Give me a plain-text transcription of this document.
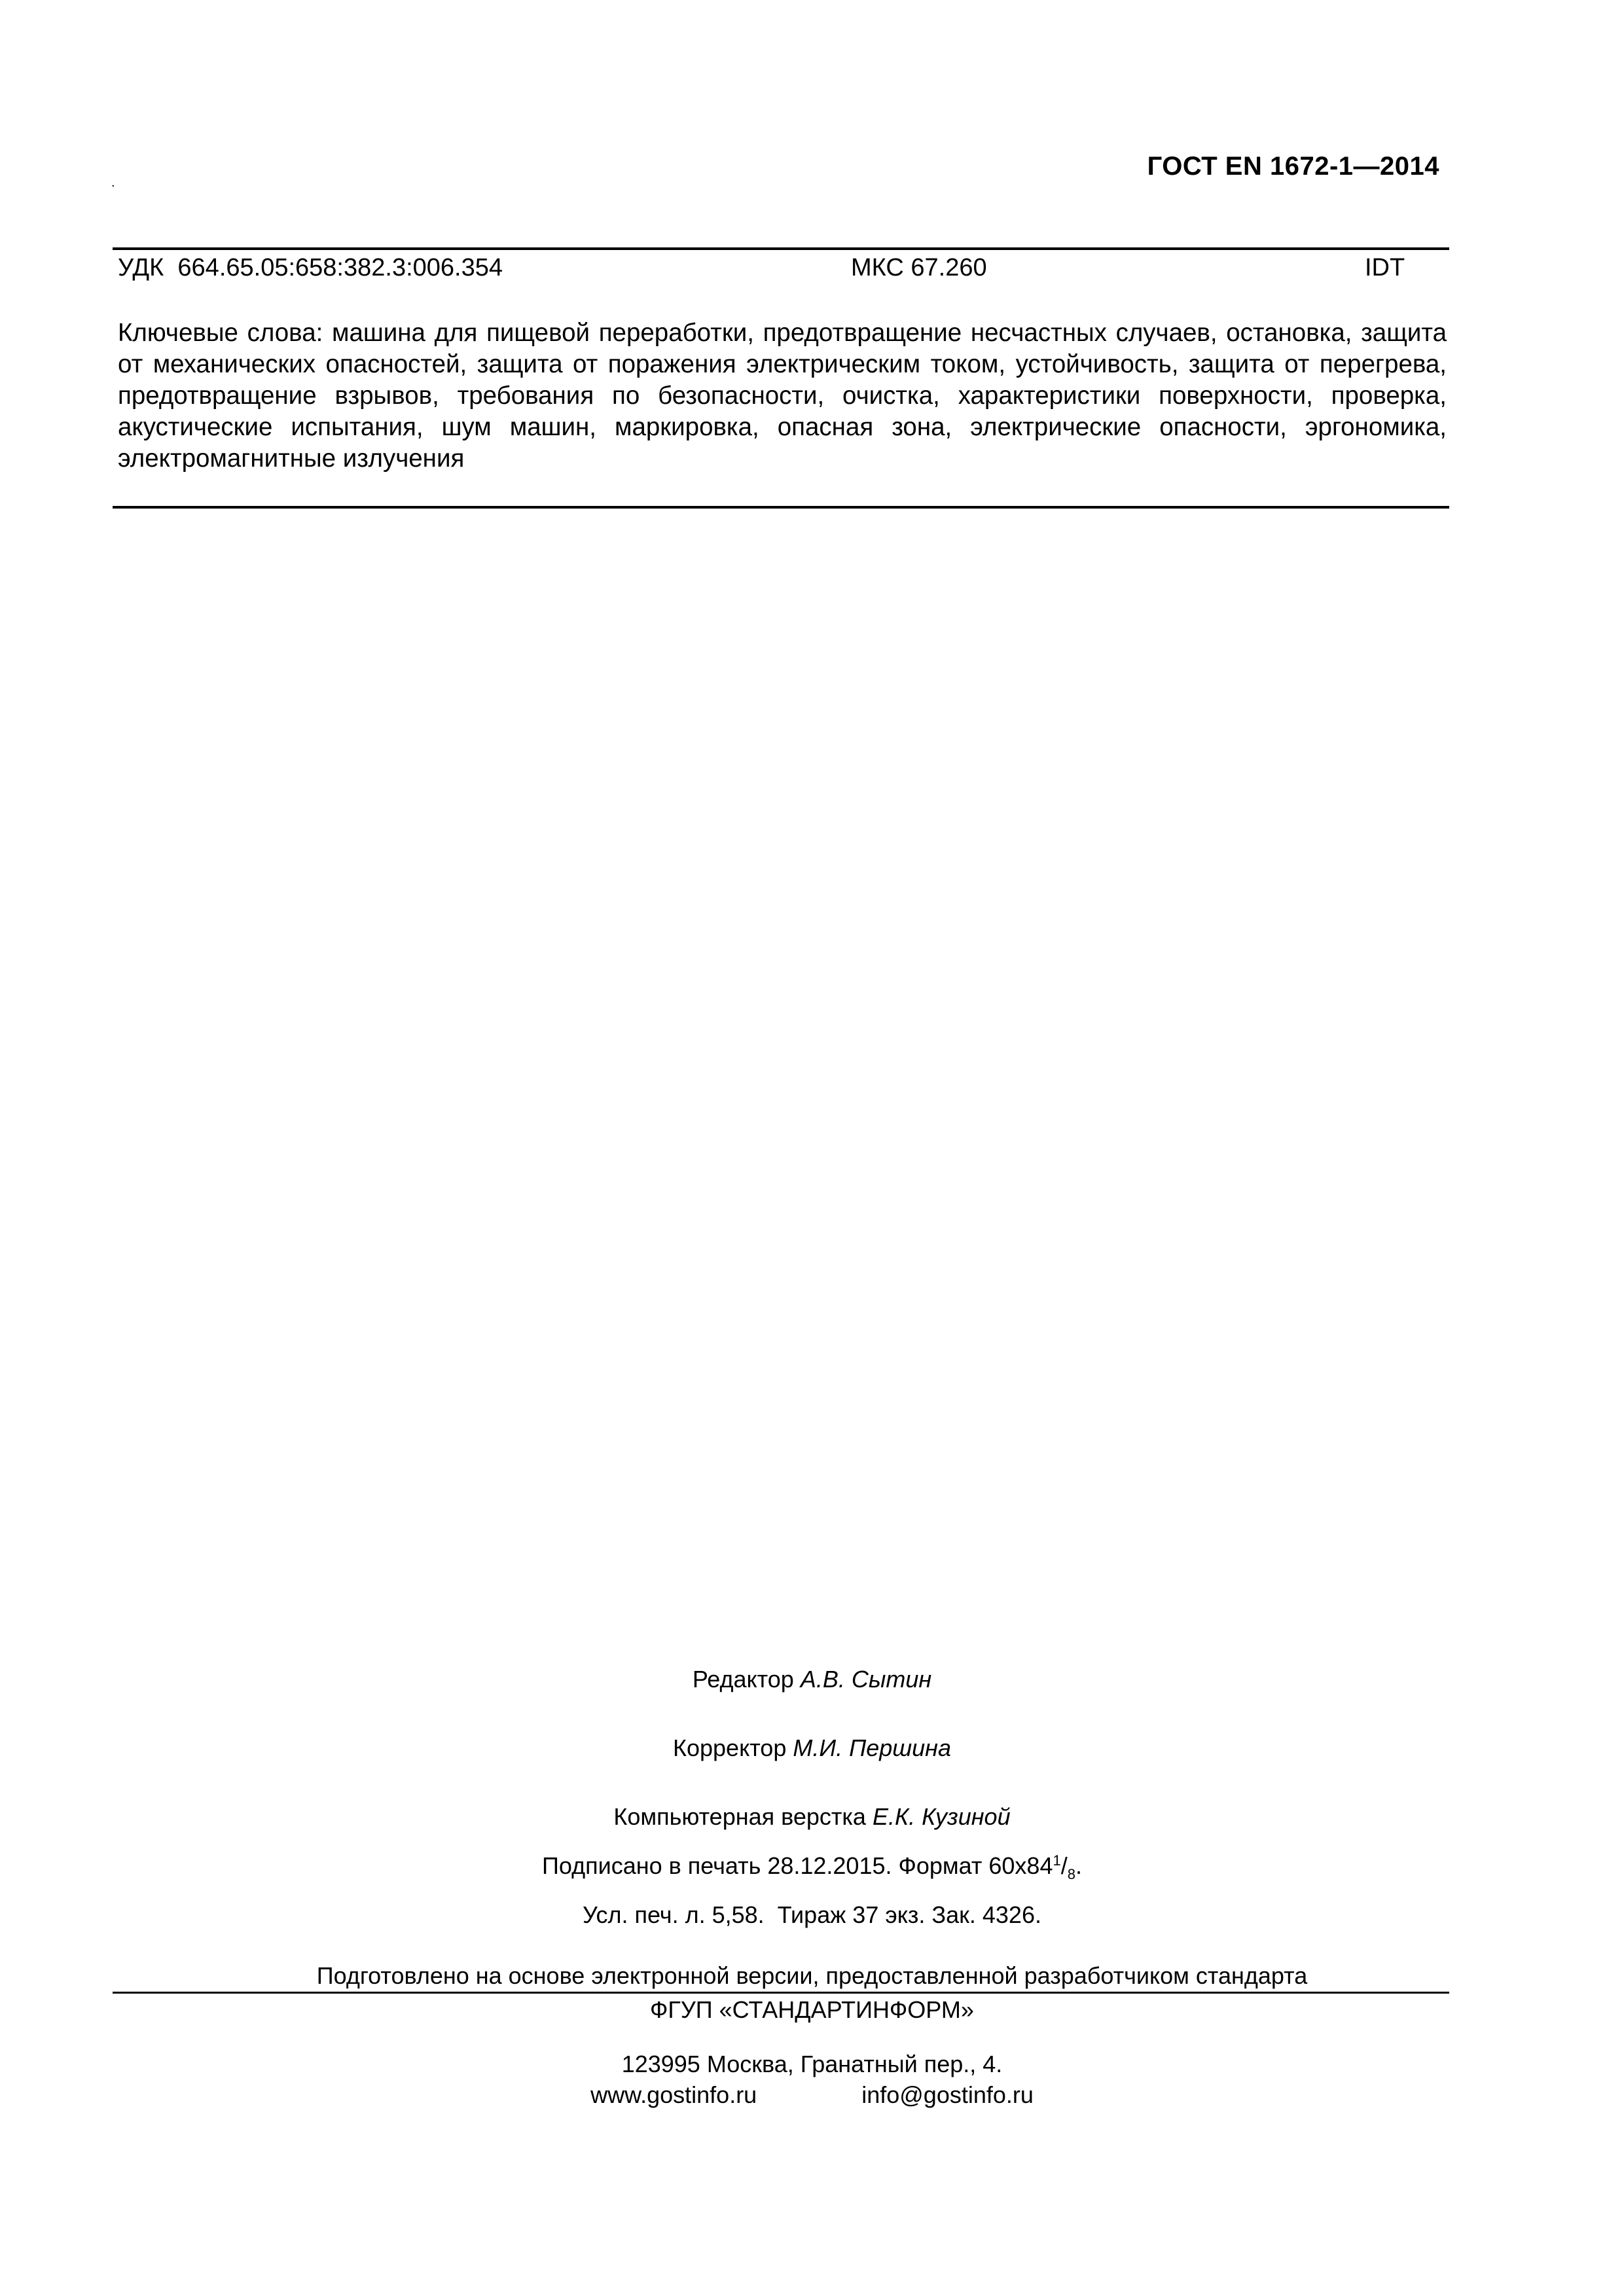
ГОСТ EN 1672-1—2014
.
УДК  664.65.05:658:382.3:006.354	МКС 67.260	IDT
Ключевые слова: машина для пищевой переработки, предотвращение несчастных случаев, остановка, защита от механических опасностей, защита от поражения электрическим током, устойчивость, защита от перегрева, предотвращение взрывов, требования по безопасности, очистка, характеристики поверхности, проверка, акустические испытания, шум машин, маркировка, опасная зона, электрические опасности, эргономика, электромагнитные излучения
Редактор А.В. Сытин
Корректор М.И. Першина
Компьютерная верстка Е.К. Кузиной
Подписано в печать 28.12.2015. Формат $60х84^1/_8$.
Усл. печ. л. 5,58.  Тираж 37 экз. Зак. 4326.
Подготовлено на основе электронной версии, предоставленной разработчиком стандарта
ФГУП «СТАНДАРТИНФОРМ»
123995 Москва, Гранатный пер., 4.
www.gostinfo.ru	info@gostinfo.ru
